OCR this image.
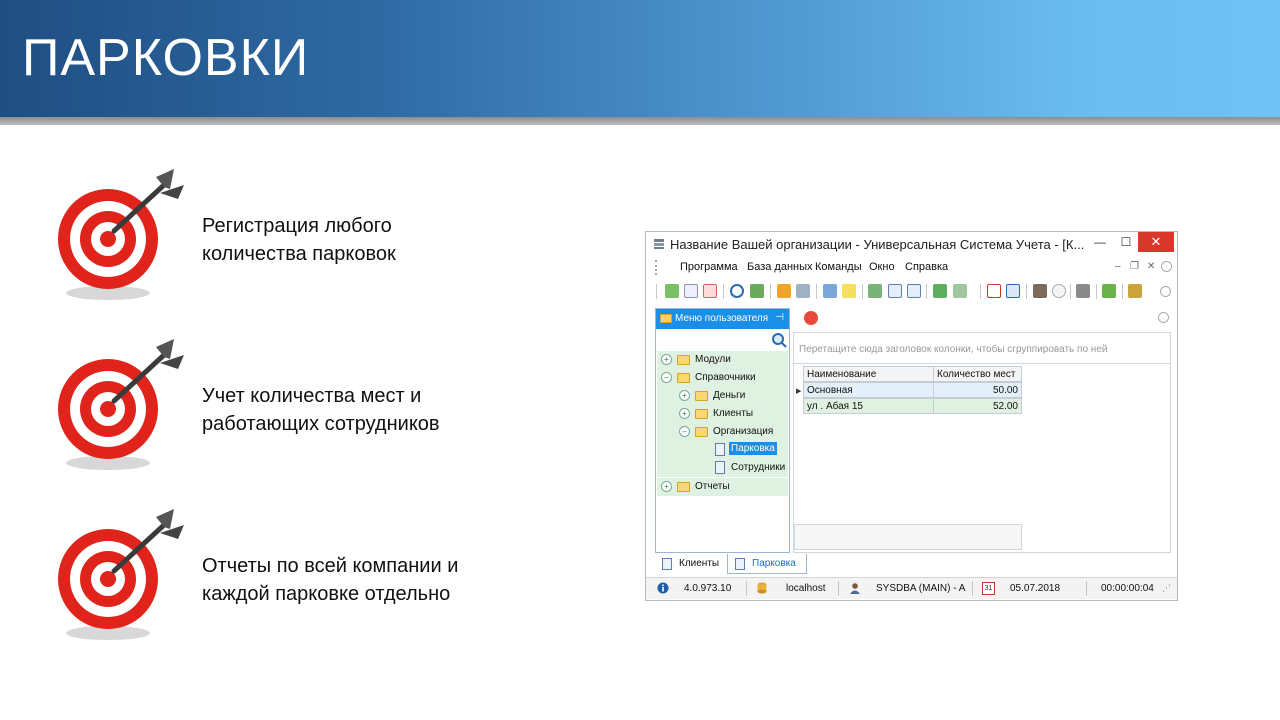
ПАРКОВКИ
Регистрация любого
количества парковок
Учет количества мест и
работающих сотрудников
Отчеты по всей компании и
каждой парковке отдельно
Название Вашей организации - Универсальная Система Учета - [К... —	☐	✕
Программа База данных Команды Окно Справка	– ❐ ✕
Меню пользователя ⊣
+	Модули
–	Справочники
+	Деньги
+	Клиенты
–	Организация
Парковка
Сотрудники
+	Отчеты
Перетащите сюда заголовок колонки, чтобы сгруппировать по ней
Наименование	Количество мест
▶ Основная	50.00
ул . Абая 15	52.00
Клиенты	Парковка
4.0.973.10	localhost	SYSDBA (MAIN) - A	31 05.07.2018	00:00:00:04 ⋰
